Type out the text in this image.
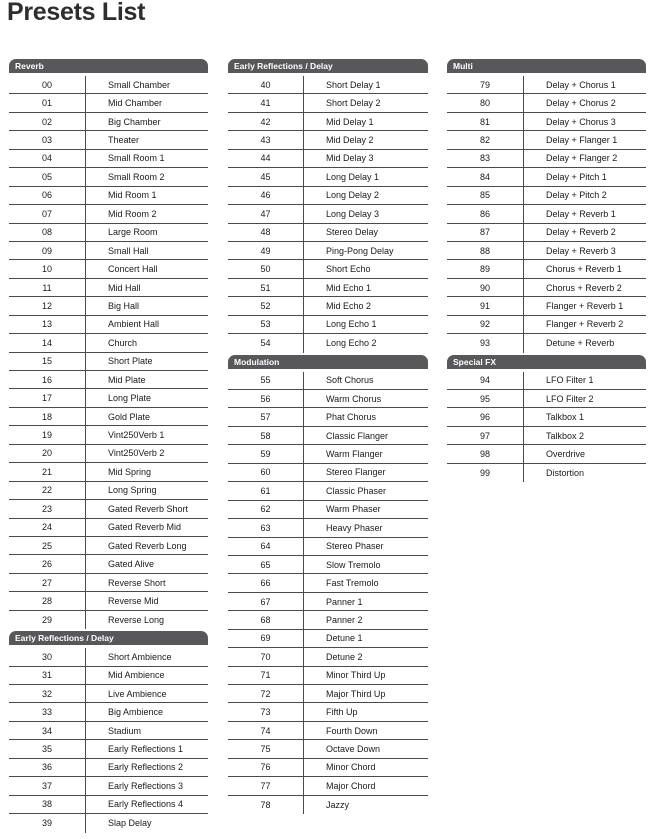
Presets List
Reverb
00	Small Chamber
01	Mid Chamber
02	Big Chamber
03	Theater
04	Small Room 1
05	Small Room 2
06	Mid Room 1
07	Mid Room 2
08	Large Room
09	Small Hall
10	Concert Hall
11	Mid Hall
12	Big Hall
13	Ambient Hall
14	Church
15	Short Plate
16	Mid Plate
17	Long Plate
18	Gold Plate
19	Vint250Verb 1
20	Vint250Verb 2
21	Mid Spring
22	Long Spring
23	Gated Reverb Short
24	Gated Reverb Mid
25	Gated Reverb Long
26	Gated Alive
27	Reverse Short
28	Reverse Mid
29	Reverse Long
Early Reflections / Delay
30	Short Ambience
31	Mid Ambience
32	Live Ambience
33	Big Ambience
34	Stadium
35	Early Reflections 1
36	Early Reflections 2
37	Early Reflections 3
38	Early Reflections 4
39	Slap Delay
Early Reflections / Delay
40	Short Delay 1
41	Short Delay 2
42	Mid Delay 1
43	Mid Delay 2
44	Mid Delay 3
45	Long Delay 1
46	Long Delay 2
47	Long Delay 3
48	Stereo Delay
49	Ping-Pong Delay
50	Short Echo
51	Mid Echo 1
52	Mid Echo 2
53	Long Echo 1
54	Long Echo 2
Modulation
55	Soft Chorus
56	Warm Chorus
57	Phat Chorus
58	Classic Flanger
59	Warm Flanger
60	Stereo Flanger
61	Classic Phaser
62	Warm Phaser
63	Heavy Phaser
64	Stereo Phaser
65	Slow Tremolo
66	Fast Tremolo
67	Panner 1
68	Panner 2
69	Detune 1
70	Detune 2
71	Minor Third Up
72	Major Third Up
73	Fifth Up
74	Fourth Down
75	Octave Down
76	Minor Chord
77	Major Chord
78	Jazzy
Multi
79	Delay + Chorus 1
80	Delay + Chorus 2
81	Delay + Chorus 3
82	Delay + Flanger 1
83	Delay + Flanger 2
84	Delay + Pitch 1
85	Delay + Pitch 2
86	Delay + Reverb 1
87	Delay + Reverb 2
88	Delay + Reverb 3
89	Chorus + Reverb 1
90	Chorus + Reverb 2
91	Flanger + Reverb 1
92	Flanger + Reverb 2
93	Detune + Reverb
Special FX
94	LFO Filter 1
95	LFO Filter 2
96	Talkbox 1
97	Talkbox 2
98	Overdrive
99	Distortion
